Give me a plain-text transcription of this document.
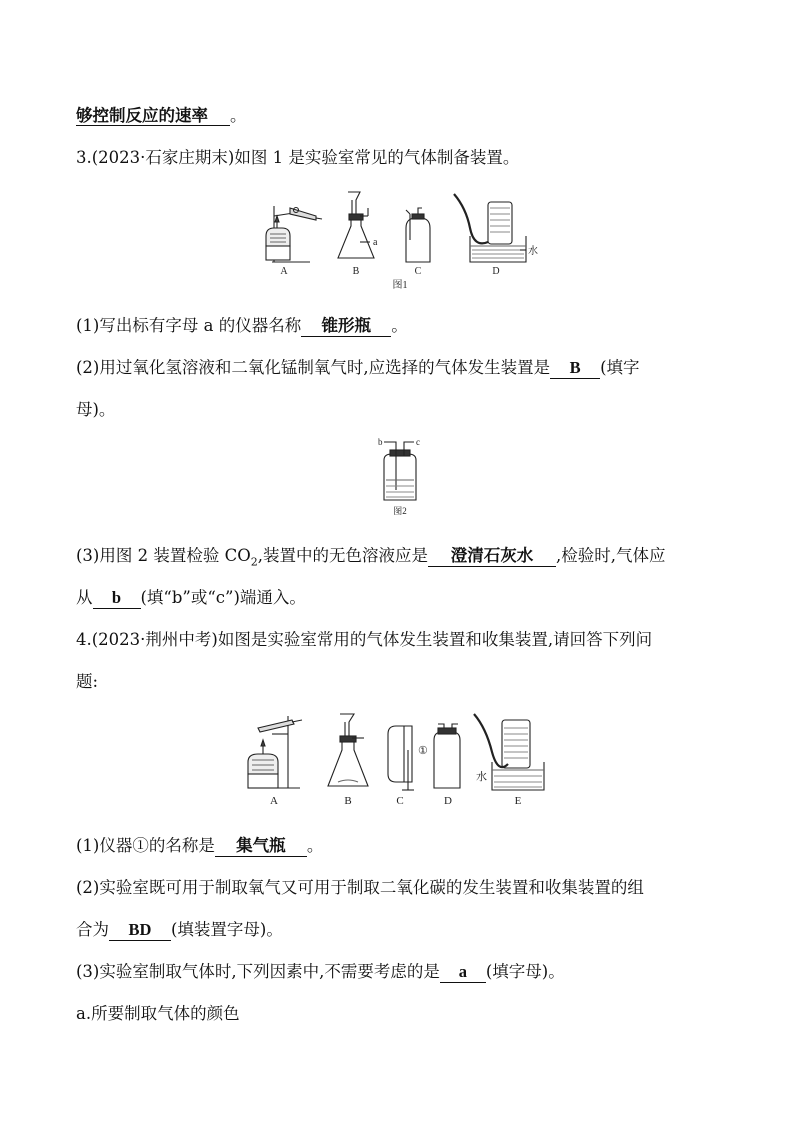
够控制反应的速率 。
3.(2023·石家庄期末)如图 1 是实验室常见的气体制备装置。
A	B	C	D
a
水
图1
(1)写出标有字母 a 的仪器名称 锥形瓶 。
(2)用过氧化氢溶液和二氧化锰制氧气时,应选择的气体发生装置是 B (填字
母)。
b	c
图2
(3)用图 2 装置检验 $CO_2$,装置中的无色溶液应是 澄清石灰水 ,检验时,气体应
从 b (填“b”或“c”)端通入。
4.(2023·荆州中考)如图是实验室常用的气体发生装置和收集装置,请回答下列问
题:
A	B	C	D	E
①
水
(1)仪器①的名称是 集气瓶 。
(2)实验室既可用于制取氧气又可用于制取二氧化碳的发生装置和收集装置的组
合为 BD (填装置字母)。
(3)实验室制取气体时,下列因素中,不需要考虑的是 a (填字母)。
a.所要制取气体的颜色
